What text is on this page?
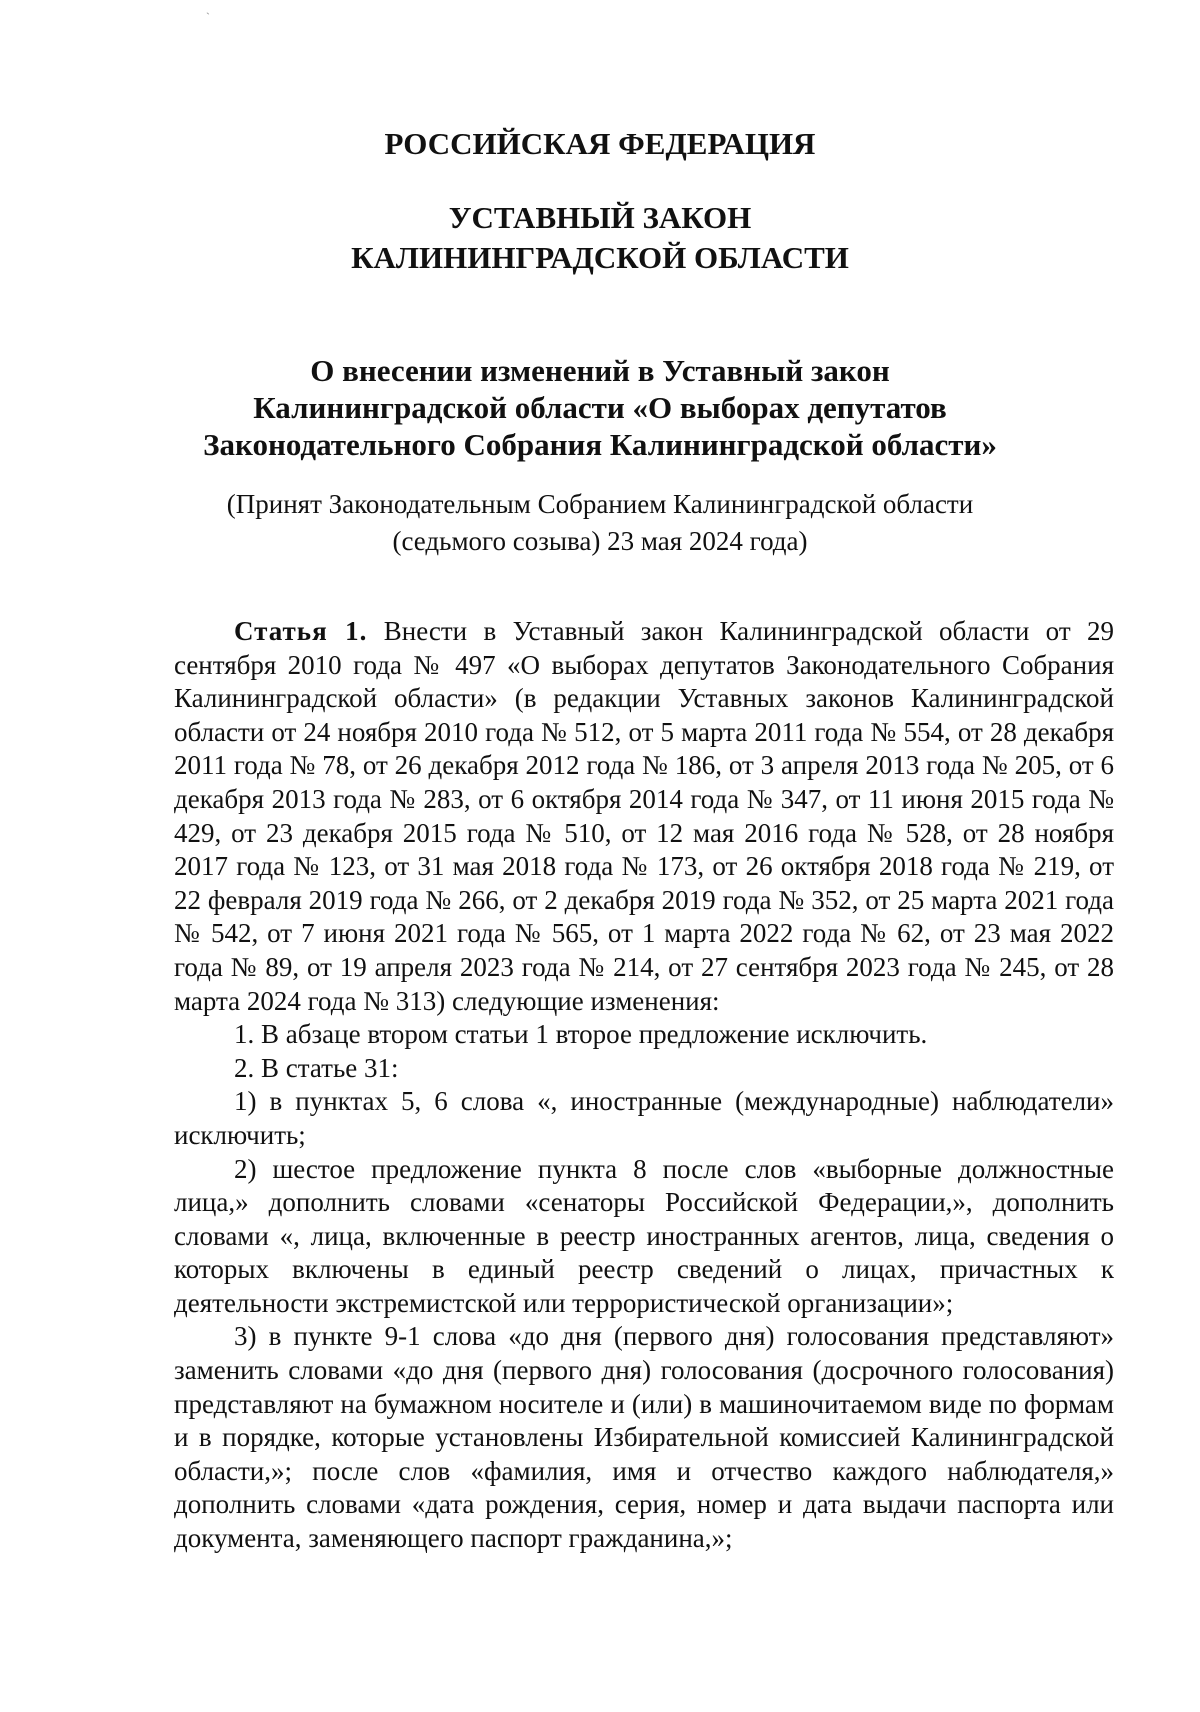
`
РОССИЙСКАЯ ФЕДЕРАЦИЯ
УСТАВНЫЙ ЗАКОН
КАЛИНИНГРАДСКОЙ ОБЛАСТИ
О внесении изменений в Уставный закон
Калининградской области «О выборах депутатов
Законодательного Собрания Калининградской области»
(Принят Законодательным Собранием Калининградской области
(седьмого созыва) 23 мая 2024 года)

Статья 1. Внести в Уставный закон Калининградской области от 29 сентября 2010 года № 497 «О выборах депутатов Законодательного Собрания Калининградской области» (в редакции Уставных законов Калининградской области от 24 ноября 2010 года № 512, от 5 марта 2011 года № 554, от 28 декабря 2011 года № 78, от 26 декабря 2012 года № 186, от 3 апреля 2013 года № 205, от 6 декабря 2013 года № 283, от 6 октября 2014 года № 347, от 11 июня 2015 года № 429, от 23 декабря 2015 года № 510, от 12 мая 2016 года № 528, от 28 ноября 2017 года № 123, от 31 мая 2018 года № 173, от 26 октября 2018 года № 219, от 22 февраля 2019 года № 266, от 2 декабря 2019 года № 352, от 25 марта 2021 года № 542, от 7 июня 2021 года № 565, от 1 марта 2022 года № 62, от 23 мая 2022 года № 89, от 19 апреля 2023 года № 214, от 27 сентября 2023 года № 245, от 28 марта 2024 года № 313) следующие изменения:

1. В абзаце втором статьи 1 второе предложение исключить.

2. В статье 31:

1) в пунктах 5, 6 слова «, иностранные (международные) наблюдатели» исключить;

2) шестое предложение пункта 8 после слов «выборные должностные лица,» дополнить словами «сенаторы Российской Федерации,», дополнить словами «, лица, включенные в реестр иностранных агентов, лица, сведения о которых включены в единый реестр сведений о лицах, причастных к деятельности экстремистской или террористической организации»;

3) в пункте 9-1 слова «до дня (первого дня) голосования представляют» заменить словами «до дня (первого дня) голосования (досрочного голосования) представляют на бумажном носителе и (или) в машиночитаемом виде по формам и в порядке, которые установлены Избирательной комиссией Калининградской области,»; после слов «фамилия, имя и отчество каждого наблюдателя,» дополнить словами «дата рождения, серия, номер и дата выдачи паспорта или документа, заменяющего паспорт гражданина,»;
